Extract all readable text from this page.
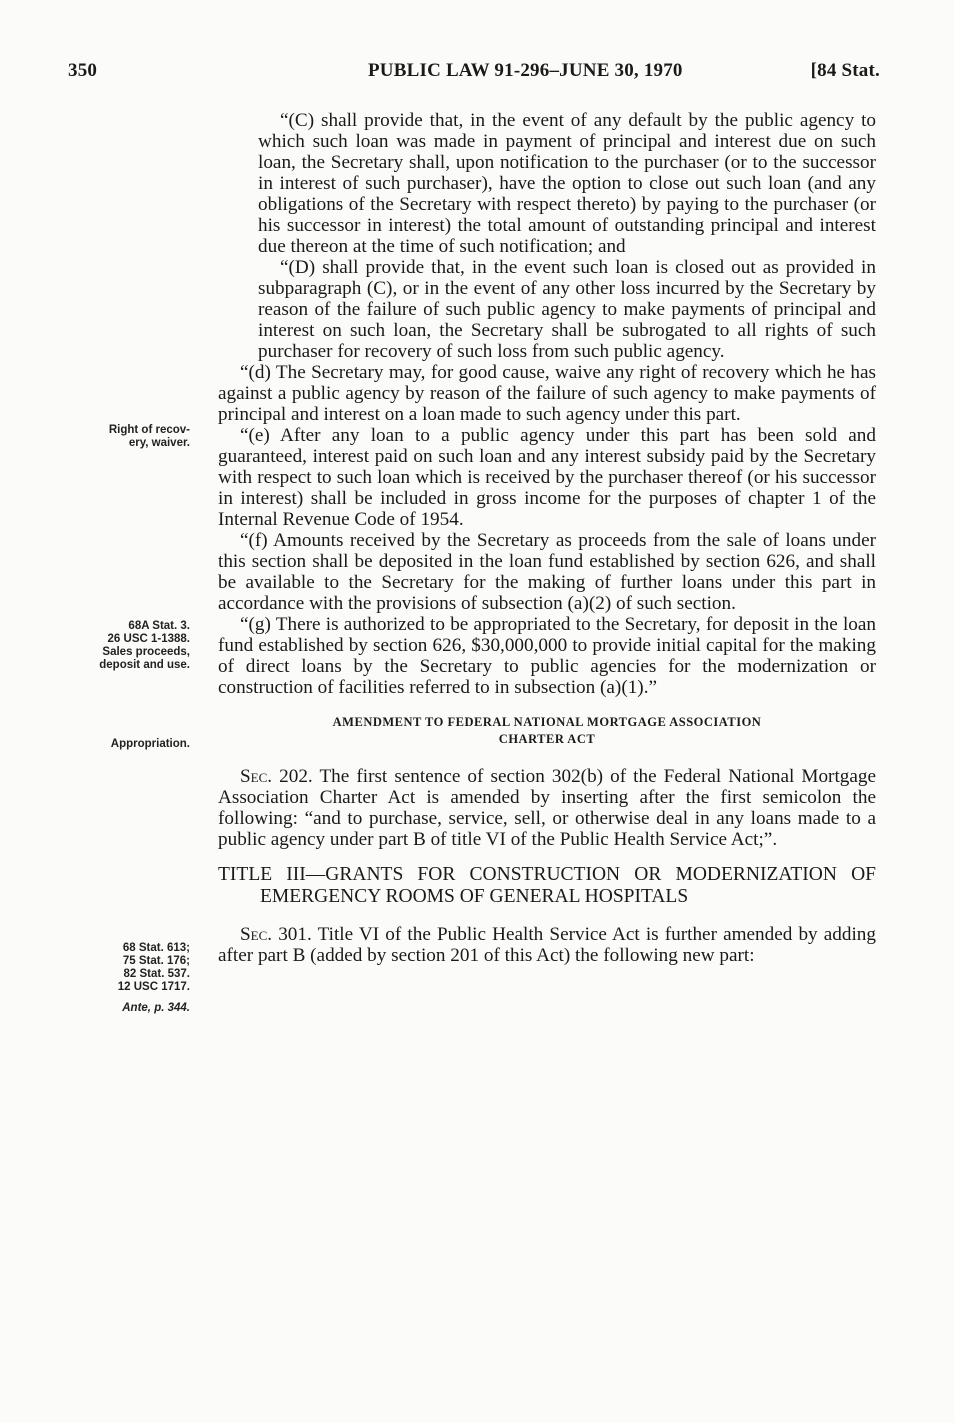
350	PUBLIC LAW 91-296–JUNE 30, 1970	[84 Stat.
Right of recov-
ery, waiver.
68A Stat. 3.
26 USC 1-1388.
Sales proceeds,
deposit and use.
Appropriation.
68 Stat. 613;
75 Stat. 176;
82 Stat. 537.
12 USC 1717.
Ante, p. 344.

“(C) shall provide that, in the event of any default by the public agency to which such loan was made in payment of principal and interest due on such loan, the Secretary shall, upon notification to the purchaser (or to the successor in interest of such purchaser), have the option to close out such loan (and any obligations of the Secretary with respect thereto) by paying to the purchaser (or his successor in interest) the total amount of outstanding principal and interest due thereon at the time of such notification; and

“(D) shall provide that, in the event such loan is closed out as provided in subparagraph (C), or in the event of any other loss incurred by the Secretary by reason of the failure of such public agency to make payments of principal and interest on such loan, the Secretary shall be subrogated to all rights of such purchaser for recovery of such loss from such public agency.

“(d) The Secretary may, for good cause, waive any right of recovery which he has against a public agency by reason of the failure of such agency to make payments of principal and interest on a loan made to such agency under this part.

“(e) After any loan to a public agency under this part has been sold and guaranteed, interest paid on such loan and any interest subsidy paid by the Secretary with respect to such loan which is received by the purchaser thereof (or his successor in interest) shall be included in gross income for the purposes of chapter 1 of the Internal Revenue Code of 1954.

“(f) Amounts received by the Secretary as proceeds from the sale of loans under this section shall be deposited in the loan fund established by section 626, and shall be available to the Secretary for the making of further loans under this part in accordance with the provisions of subsection (a)(2) of such section.

“(g) There is authorized to be appropriated to the Secretary, for deposit in the loan fund established by section 626, $30,000,000 to provide initial capital for the making of direct loans by the Secretary to public agencies for the modernization or construction of facilities referred to in subsection (a)(1).”

AMENDMENT TO FEDERAL NATIONAL MORTGAGE ASSOCIATION
CHARTER ACT

Sec. 202. The first sentence of section 302(b) of the Federal National Mortgage Association Charter Act is amended by inserting after the first semicolon the following: “and to purchase, service, sell, or otherwise deal in any loans made to a public agency under part B of title VI of the Public Health Service Act;”.

TITLE III—GRANTS FOR CONSTRUCTION OR MODERNIZATION OF EMERGENCY ROOMS OF GENERAL HOSPITALS

Sec. 301. Title VI of the Public Health Service Act is further amended by adding after part B (added by section 201 of this Act) the following new part:
